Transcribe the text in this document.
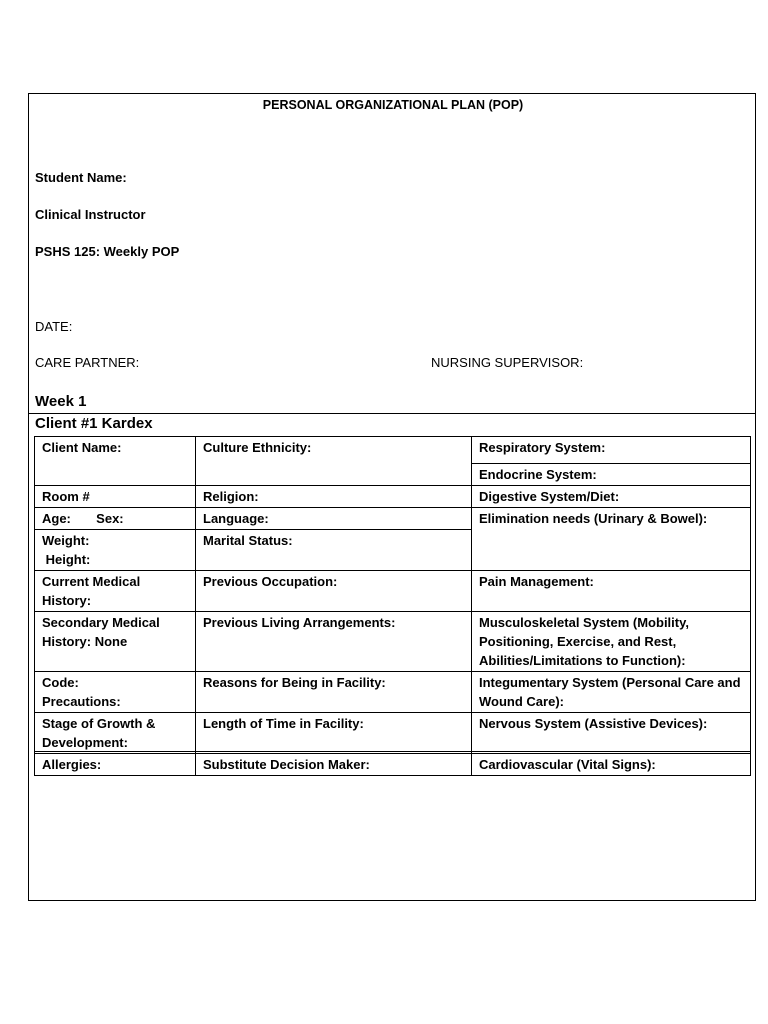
PERSONAL ORGANIZATIONAL PLAN (POP)
Student Name:
Clinical Instructor
PSHS 125: Weekly POP
DATE:
CARE PARTNER:	NURSING SUPERVISOR:
Week 1
Client #1 Kardex
Client Name:	Culture Ethnicity:	Respiratory System:

		Endocrine System:

Room #	Religion:	Digestive System/Diet:

Age:       Sex:	Language:	Elimination needs (Urinary & Bowel):

Weight:
Height:	Marital Status:	

Current Medical
History:	Previous Occupation:	Pain Management:

Secondary Medical
History: None	Previous Living Arrangements:	Musculoskeletal System (Mobility,
Positioning, Exercise, and Rest,
Abilities/Limitations to Function):

Code:
Precautions:	Reasons for Being in Facility:	Integumentary System (Personal Care and
Wound Care):

Stage of Growth &
Development:	Length of Time in Facility:	Nervous System (Assistive Devices):

Allergies:	Substitute Decision Maker:	Cardiovascular (Vital Signs):
